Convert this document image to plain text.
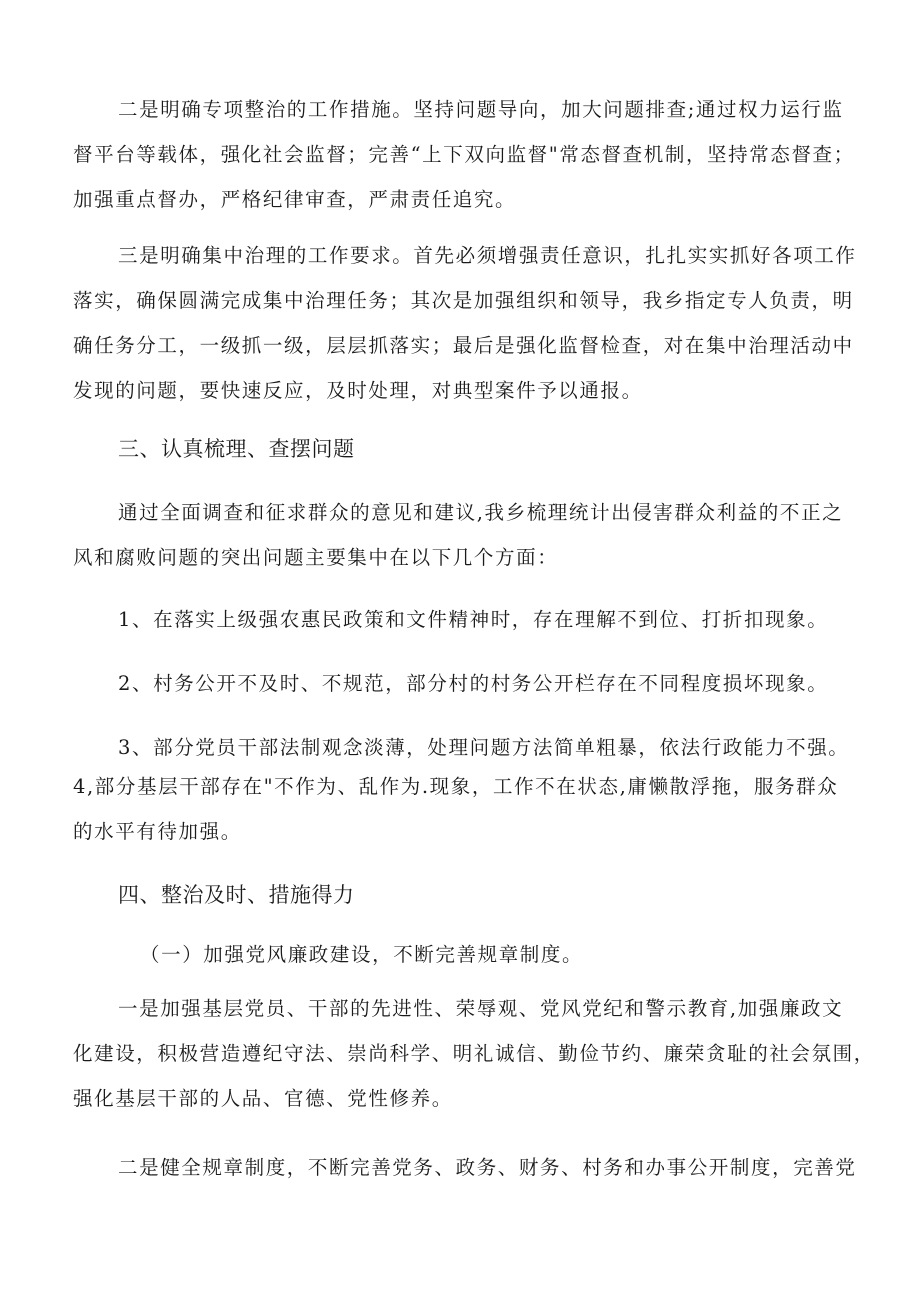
二是明确专项整治的工作措施。坚持问题导向，加大问题排查;通过权力运行监
督平台等载体，强化社会监督；完善“上下双向监督"常态督查机制，坚持常态督查；
加强重点督办，严格纪律审查，严肃责任追究。
三是明确集中治理的工作要求。首先必须增强责任意识，扎扎实实抓好各项工作
落实，确保圆满完成集中治理任务；其次是加强组织和领导，我乡指定专人负责，明
确任务分工，一级抓一级，层层抓落实；最后是强化监督检查，对在集中治理活动中
发现的问题，要快速反应，及时处理，对典型案件予以通报。
三、认真梳理、查摆问题
通过全面调查和征求群众的意见和建议,我乡梳理统计出侵害群众利益的不正之
风和腐败问题的突出问题主要集中在以下几个方面：
1、在落实上级强农惠民政策和文件精神时，存在理解不到位、打折扣现象。
2、村务公开不及时、不规范，部分村的村务公开栏存在不同程度损坏现象。
3、部分党员干部法制观念淡薄，处理问题方法简单粗暴，依法行政能力不强。
4,部分基层干部存在"不作为、乱作为.现象，工作不在状态,庸懒散浮拖，服务群众
的水平有待加强。
四、整治及时、措施得力
（一）加强党风廉政建设，不断完善规章制度。
一是加强基层党员、干部的先进性、荣辱观、党风党纪和警示教育,加强廉政文
化建设，积极营造遵纪守法、崇尚科学、明礼诚信、勤俭节约、廉荣贪耻的社会氛围，
强化基层干部的人品、官德、党性修养。
二是健全规章制度，不断完善党务、政务、财务、村务和办事公开制度，完善党
